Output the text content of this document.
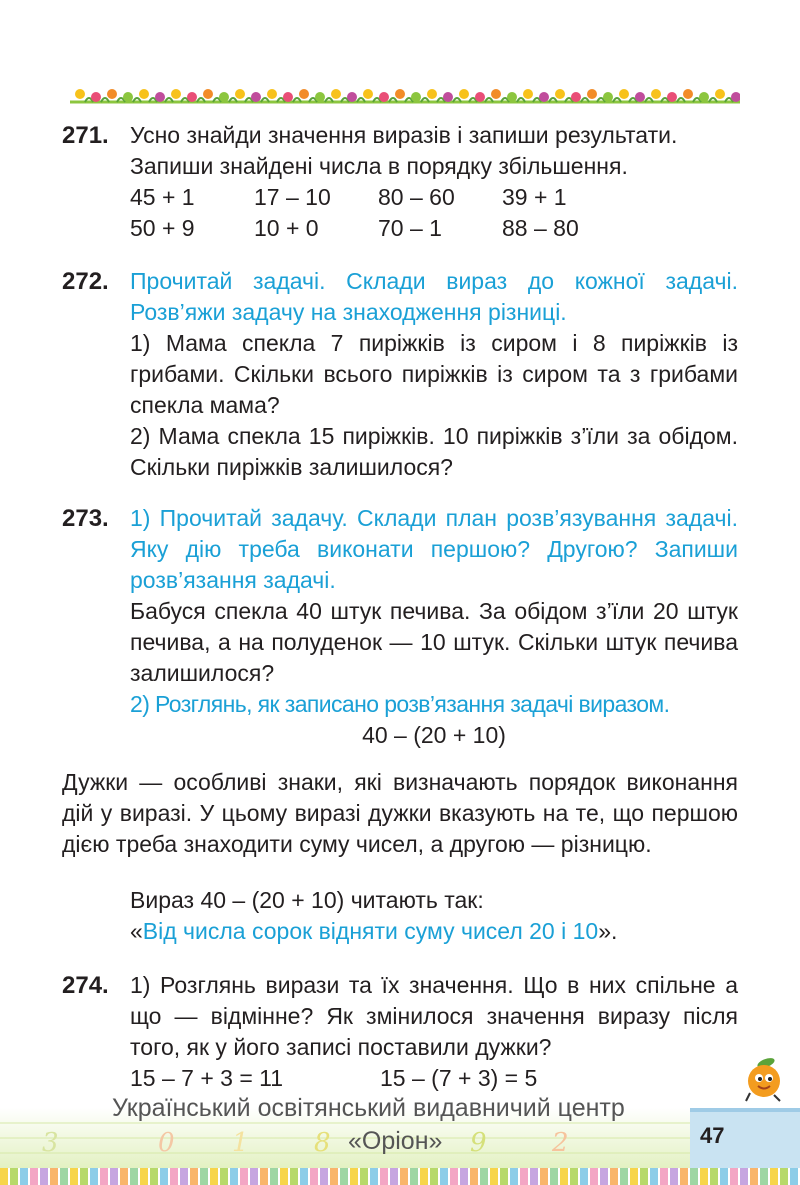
271. Усно знайди значення виразів і запиши результати.
Запиши знайдені числа в порядку збільшення.
45 + 1	17 – 10	80 – 60	39 + 1
50 + 9	10 + 0	70 – 1	88 – 80
272. Прочитай задачі. Склади вираз до кожної задачі. Розв’яжи задачу на знаходження різниці.
1) Мама спекла 7 пиріжків із сиром і 8 пиріжків із грибами. Скільки всього пиріжків із сиром та з грибами спекла мама?
2) Мама спекла 15 пиріжків. 10 пиріжків з’їли за обідом. Скільки пиріжків залишилося?
273. 1) Прочитай задачу. Склади план розв’язування задачі. Яку дію треба виконати першою? Другою? Запиши розв’язання задачі.
Бабуся спекла 40 штук печива. За обідом з’їли 20 штук печива, а на полуденок — 10 штук. Скільки штук печива залишилося?
2) Розглянь, як записано розв’язання задачі виразом.
40 – (20 + 10)
Дужки — особливі знаки, які визначають порядок виконання дій у виразі. У цьому виразі дужки вказують на те, що першою дією треба знаходити суму чисел, а другою — різницю.
Вираз 40 – (20 + 10) читають так:
«Від числа сорок відняти суму чисел 20 і 10».
274. 1) Розглянь вирази та їх значення. Що в них спільне а що — відмінне? Як змінилося значення виразу після того, як у його записі поставили дужки?
15 – 7 + 3 = 11	15 – (7 + 3) = 5
3	0 1	8	9	2
Український освітянський видавничий центр
«Оріон»	47
